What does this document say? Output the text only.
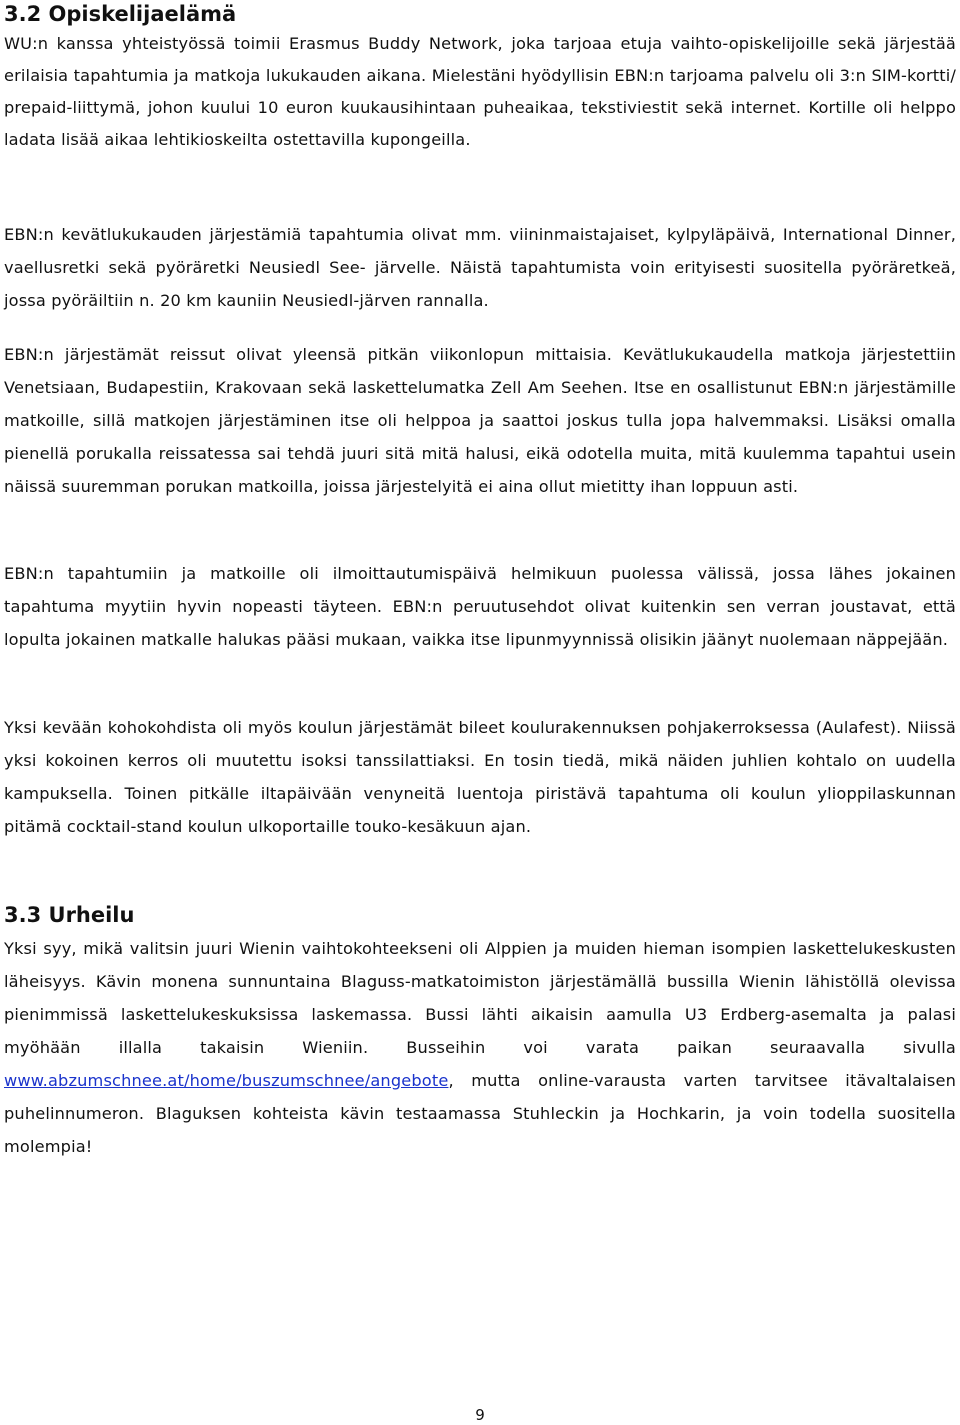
3.2 Opiskelijaelämä

WU:n kanssa yhteistyössä toimii Erasmus Buddy Network, joka tarjoaa etuja vaihto-opiskelijoille sekä järjestää erilaisia tapahtumia ja matkoja lukukauden aikana. Mielestäni hyödyllisin EBN:n tarjoama palvelu oli 3:n SIM-kortti/ prepaid-liittymä, johon kuului 10 euron kuukausihintaan puheaikaa, tekstiviestit sekä internet. Kortille oli helppo ladata lisää aikaa lehtikioskeilta ostettavilla kupongeilla.

EBN:n kevätlukukauden järjestämiä tapahtumia olivat mm. viininmaistajaiset, kylpyläpäivä, International Dinner, vaellusretki sekä pyöräretki Neusiedl See- järvelle. Näistä tapahtumista voin erityisesti suositella pyöräretkeä, jossa pyöräiltiin n. 20 km kauniin Neusiedl-järven rannalla.

EBN:n järjestämät reissut olivat yleensä pitkän viikonlopun mittaisia. Kevätlukukaudella matkoja järjestettiin Venetsiaan, Budapestiin, Krakovaan sekä laskettelumatka Zell Am Seehen. Itse en osallistunut EBN:n järjestämille matkoille, sillä matkojen järjestäminen itse oli helppoa ja saattoi joskus tulla jopa halvemmaksi. Lisäksi omalla pienellä porukalla reissatessa sai tehdä juuri sitä mitä halusi, eikä odotella muita, mitä kuulemma tapahtui usein näissä suuremman porukan matkoilla, joissa järjestelyitä ei aina ollut mietitty ihan loppuun asti.

EBN:n tapahtumiin ja matkoille oli ilmoittautumispäivä helmikuun puolessa välissä, jossa lähes jokainen tapahtuma myytiin hyvin nopeasti täyteen. EBN:n peruutusehdot olivat kuitenkin sen verran joustavat, että lopulta jokainen matkalle halukas pääsi mukaan, vaikka itse lipunmyynnissä olisikin jäänyt nuolemaan näppejään.

Yksi kevään kohokohdista oli myös koulun järjestämät bileet koulurakennuksen pohjakerroksessa (Aulafest). Niissä yksi kokoinen kerros oli muutettu isoksi tanssilattiaksi. En tosin tiedä, mikä näiden juhlien kohtalo on uudella kampuksella. Toinen pitkälle iltapäivään venyneitä luentoja piristävä tapahtuma oli koulun ylioppilaskunnan pitämä cocktail-stand koulun ulkoportaille touko-kesäkuun ajan.

3.3 Urheilu

Yksi syy, mikä valitsin juuri Wienin vaihtokohteekseni oli Alppien ja muiden hieman isompien laskettelukeskusten läheisyys. Kävin monena sunnuntaina Blaguss-matkatoimiston järjestämällä bussilla Wienin lähistöllä olevissa pienimmissä laskettelukeskuksissa laskemassa. Bussi lähti aikaisin aamulla U3 Erdberg-asemalta ja palasi myöhään illalla takaisin Wieniin. Busseihin voi varata paikan seuraavalla sivulla www.abzumschnee.at/home/buszumschnee/angebote, mutta online-varausta varten tarvitsee itävaltalaisen puhelinnumeron. Blaguksen kohteista kävin testaamassa Stuhleckin ja Hochkarin, ja voin todella suositella molempia!

9
